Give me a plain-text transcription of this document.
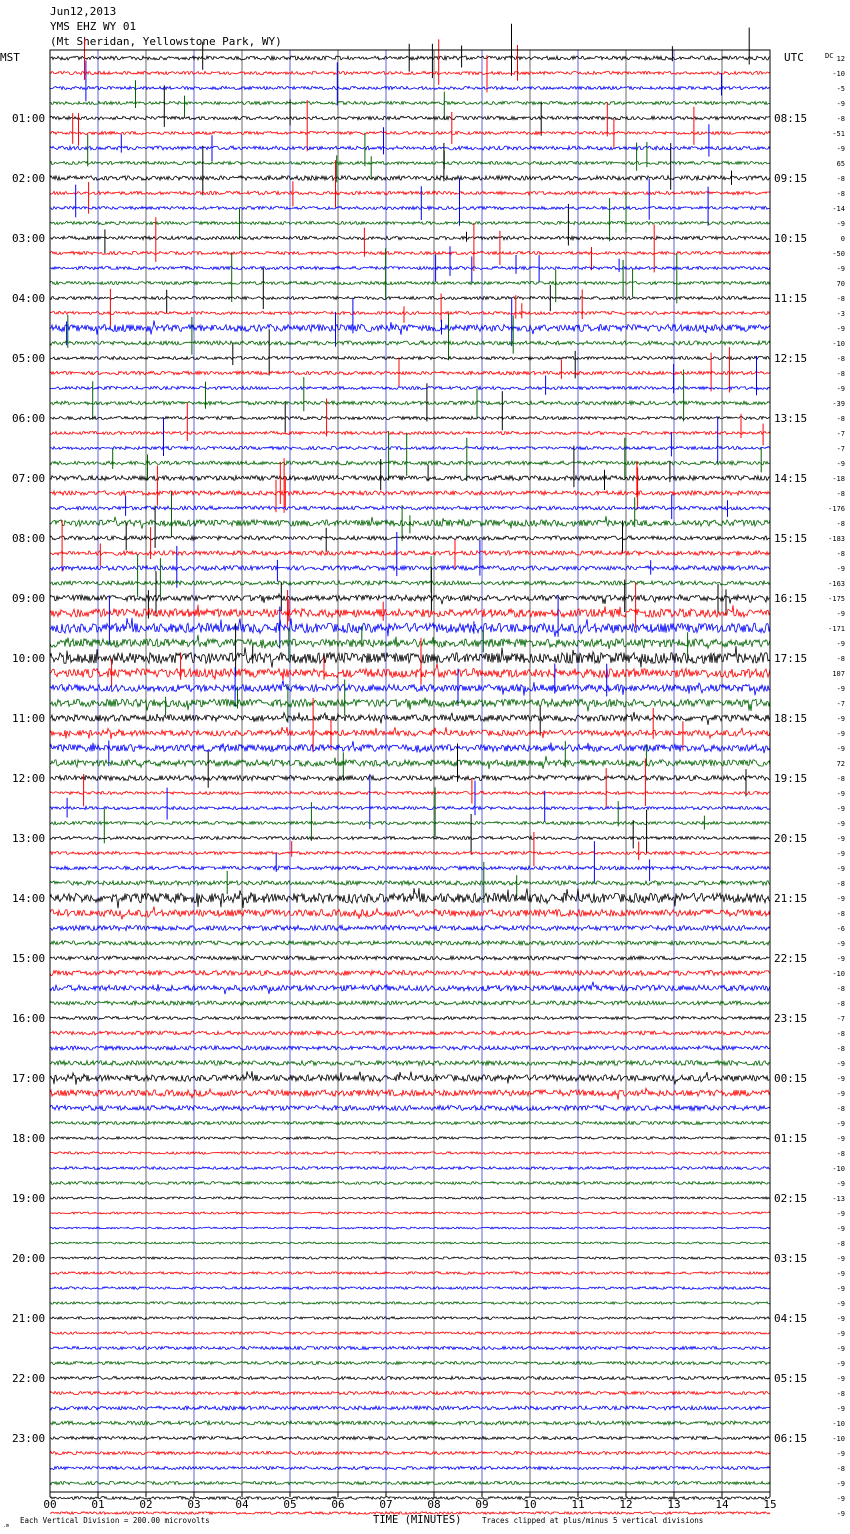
Jun12,2013
YMS EHZ WY 01
(Mt Sheridan, Yellowstone Park, WY)
00	01	02	03	04	05	06	07	08	09	10	11	12	13	14	15
12
-10
-5
-9
-8
-51
-9
65
-8
-8
-14
-9
0
-50
-9
70
-8
-3
-9
-10
-8
-8
-9
-39
-8
-7
-7
-9
-18
-8
-176
-8
-183
-8
-9
-163
-175
-9
-171
-9
-8
107
-9
-7
-9
-9
-9
72
-8
-9
-9
-9
-9
-9
-9
-8
-9
-8
-6
-9
-9
-10
-8
-8
-7
-8
-8
-9
-9
-9
-8
-9
-9
-8
-10
-9
-13
-9
-9
-8
-9
-9
-9
-9
-9
-9
-9
-9
-9
-8
-9
-10
-10
-9
-8
-9
-9
-9
01:00
02:00
03:00
04:00
05:00
06:00
07:00
08:00
09:00
10:00
11:00
12:00
13:00
14:00
15:00
16:00
17:00
18:00
19:00
20:00
21:00
22:00
23:00
08:15
09:15
10:15
11:15
12:15
13:15
14:15
15:15
16:15
17:15
18:15
19:15
20:15
21:15
22:15
23:15
00:15
01:15
02:15
03:15
04:15
05:15
06:15
MST	UTC	DC
Each Vertical Division = 200.00 microvolts	TIME (MINUTES)	Traces clipped at plus/minus 5 vertical divisions
.m
